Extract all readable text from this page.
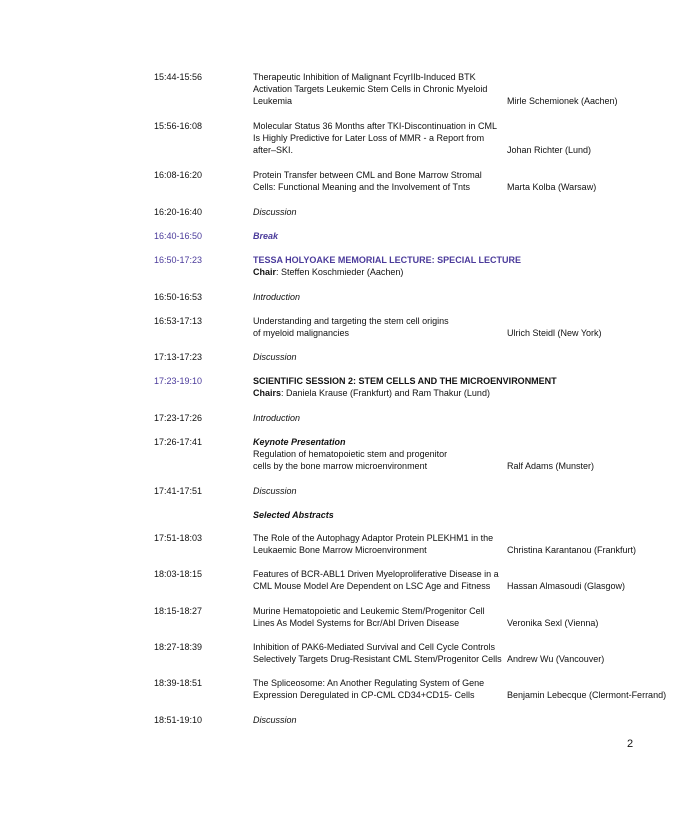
15:44-15:56	Therapeutic Inhibition of Malignant FcγrIIb-Induced BTK
Activation Targets Leukemic Stem Cells in Chronic Myeloid
Leukemia	Mirle Schemionek (Aachen)
15:56-16:08	Molecular Status 36 Months after TKI-Discontinuation in CML
Is Highly Predictive for Later Loss of MMR - a Report from
after–SKI.	Johan Richter (Lund)
16:08-16:20	Protein Transfer between CML and Bone Marrow Stromal
Cells: Functional Meaning and the Involvement of Tnts	Marta Kolba (Warsaw)
16:20-16:40	Discussion
16:40-16:50	Break
16:50-17:23	TESSA HOLYOAKE MEMORIAL LECTURE: SPECIAL LECTURE
Chair: Steffen Koschmieder (Aachen)
16:50-16:53	Introduction
16:53-17:13	Understanding and targeting the stem cell origins
of myeloid malignancies	Ulrich Steidl (New York)
17:13-17:23	Discussion
17:23-19:10	SCIENTIFIC SESSION 2: STEM CELLS AND THE MICROENVIRONMENT
Chairs: Daniela Krause (Frankfurt) and Ram Thakur (Lund)
17:23-17:26	Introduction
17:26-17:41	Keynote Presentation
Regulation of hematopoietic stem and progenitor
cells by the bone marrow microenvironment	Ralf Adams (Munster)
17:41-17:51	Discussion
Selected Abstracts
17:51-18:03	The Role of the Autophagy Adaptor Protein PLEKHM1 in the
Leukaemic Bone Marrow Microenvironment	Christina Karantanou (Frankfurt)
18:03-18:15	Features of BCR-ABL1 Driven Myeloproliferative Disease in a
CML Mouse Model Are Dependent on LSC Age and Fitness	Hassan Almasoudi (Glasgow)
18:15-18:27	Murine Hematopoietic and Leukemic Stem/Progenitor Cell
Lines As Model Systems for Bcr/Abl Driven Disease	Veronika Sexl (Vienna)
18:27-18:39	Inhibition of PAK6-Mediated Survival and Cell Cycle Controls
Selectively Targets Drug-Resistant CML Stem/Progenitor Cells Andrew Wu (Vancouver)
18:39-18:51	The Spliceosome: An Another Regulating System of Gene
Expression Deregulated in CP-CML CD34+CD15- Cells	Benjamin Lebecque (Clermont-Ferrand)
18:51-19:10	Discussion
2
